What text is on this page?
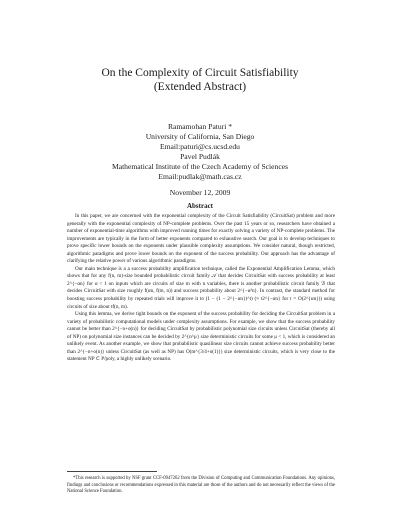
On the Complexity of Circuit Satisfiability
(Extended Abstract)
Ramamohan Paturi *
University of California, San Diego
Email:paturi@cs.ucsd.edu
Pavel Pudlák
Mathematical Institute of the Czech Academy of Sciences
Email:pudlak@math.cas.cz
November 12, 2009
Abstract

In this paper, we are concerned with the exponential complexity of the Circuit Satisfiability (CircuitSat) problem and more generally with the exponential complexity of NP-complete problems. Over the past 15 years or so, researchers have obtained a number of exponential-time algorithms with improved running times for exactly solving a variety of NP-complete problems. The improvements are typically in the form of better exponents compared to exhaustive search. Our goal is to develop techniques to prove specific lower bounds on the exponents under plausible complexity assumptions. We consider natural, though restricted, algorithmic paradigms and prove lower bounds on the exponent of the success probability. Our approach has the advantage of clarifying the relative power of various algorithmic paradigms.

Our main technique is a a success probability amplification technique, called the Exponential Amplification Lemma, which shows that for any f(n, m)-size bounded probabilistic circuit family 𝒜 that decides CircuitSat with success probability at least 2^{−αn} for α < 1 on inputs which are circuits of size m with n variables, there is another probabilistic circuit family ℬ that decides CircuitSat with size roughly f(αn, f(m, n)) and success probability about 2^{−α²n}. In contrast, the standard method for boosting success probability by repeated trials will improve it to (1 − (1 − 2^{−αn})^t) (≈ t2^{−αn} for t = O(2^{αn})) using circuits of size about tf(n, m).

Using this lemma, we derive tight bounds on the exponent of the success probability for deciding the CircuitSat problem in a variety of probabilistic computational models under complexity assumptions. For example, we show that the success probability cannot be better than 2^{−n+o(n)} for deciding CircuitSat by probabilistic polynomial size circuits unless CircuitSat (thereby all of NP) on polynomial size instances can be decided by 2^{n^μ} size deterministic circuits for some μ < 1, which is considered an unlikely event. As another example, we show that probabilistic quasilinear size circuits cannot achieve success probability better than 2^{−n+o(n)} unless CircuitSat (as well as NP) has O(m^{3/4+o(1)}) size deterministic circuits, which is very close to the statement NP ⊂ P/poly, a highly unlikely scenario.

*This research is supported by NSF grant CCF-0947262 from the Division of Computing and Communication Foundations. Any opinions, findings and conclusions or recommendations expressed in this material are those of the authors and do not necessarily reflect the views of the National Science Foundation.
